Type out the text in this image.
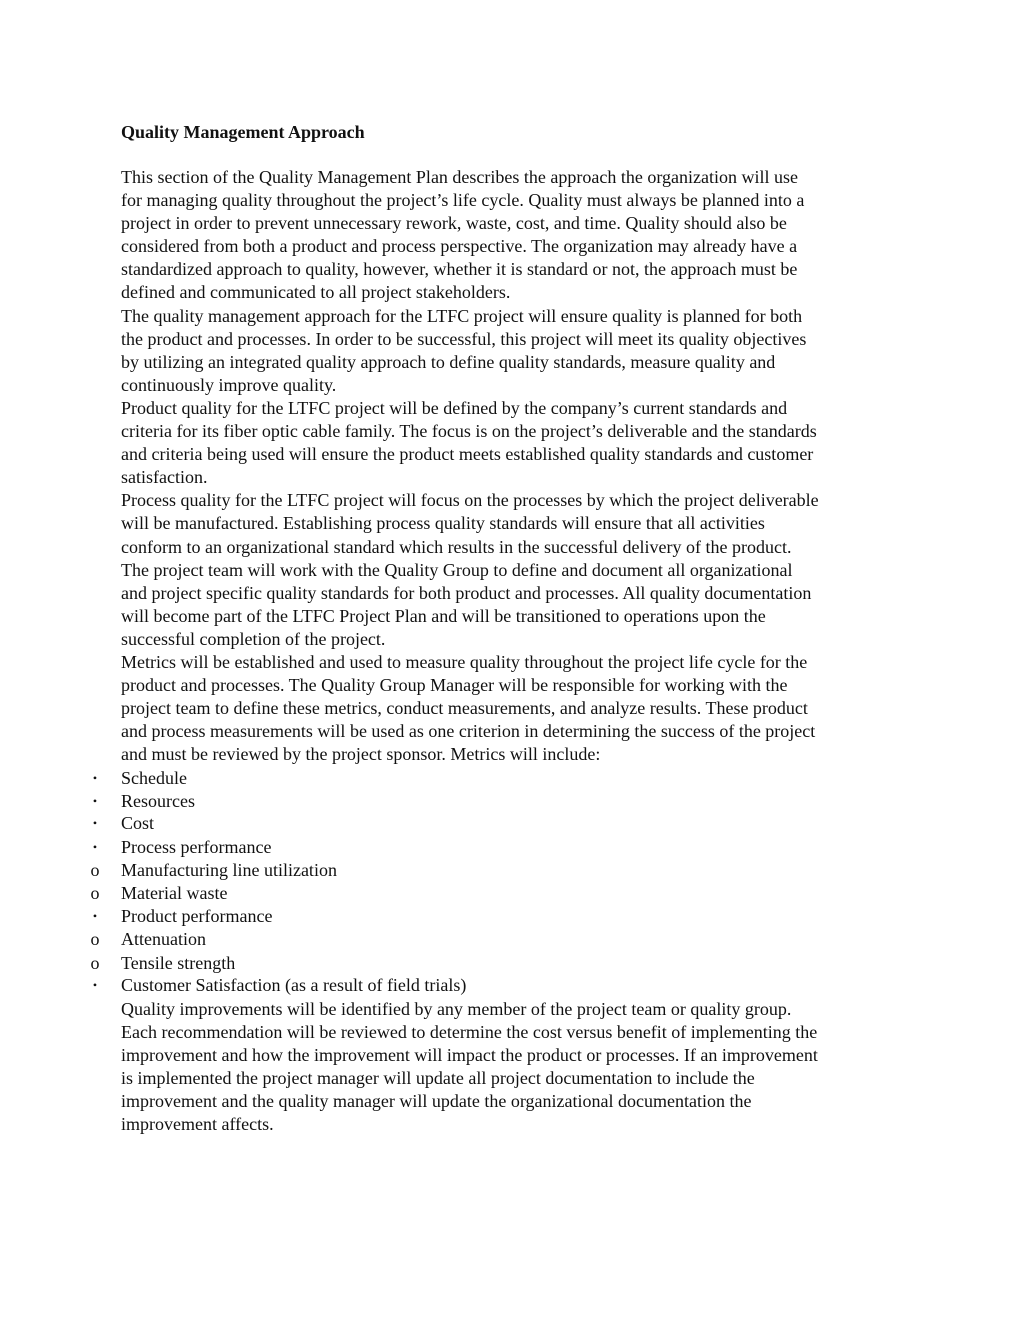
Quality Management Approach
This section of the Quality Management Plan describes the approach the organization will use
for managing quality throughout the project’s life cycle. Quality must always be planned into a
project in order to prevent unnecessary rework, waste, cost, and time. Quality should also be
considered from both a product and process perspective. The organization may already have a
standardized approach to quality, however, whether it is standard or not, the approach must be
defined and communicated to all project stakeholders.
The quality management approach for the LTFC project will ensure quality is planned for both
the product and processes. In order to be successful, this project will meet its quality objectives
by utilizing an integrated quality approach to define quality standards, measure quality and
continuously improve quality.
Product quality for the LTFC project will be defined by the company’s current standards and
criteria for its fiber optic cable family. The focus is on the project’s deliverable and the standards
and criteria being used will ensure the product meets established quality standards and customer
satisfaction.
Process quality for the LTFC project will focus on the processes by which the project deliverable
will be manufactured. Establishing process quality standards will ensure that all activities
conform to an organizational standard which results in the successful delivery of the product.
The project team will work with the Quality Group to define and document all organizational
and project specific quality standards for both product and processes. All quality documentation
will become part of the LTFC Project Plan and will be transitioned to operations upon the
successful completion of the project.
Metrics will be established and used to measure quality throughout the project life cycle for the
product and processes. The Quality Group Manager will be responsible for working with the
project team to define these metrics, conduct measurements, and analyze results. These product
and process measurements will be used as one criterion in determining the success of the project
and must be reviewed by the project sponsor. Metrics will include:
• Schedule
• Resources
• Cost
• Process performance
o Manufacturing line utilization
o Material waste
• Product performance
o Attenuation
o Tensile strength
• Customer Satisfaction (as a result of field trials)
Quality improvements will be identified by any member of the project team or quality group.
Each recommendation will be reviewed to determine the cost versus benefit of implementing the
improvement and how the improvement will impact the product or processes. If an improvement
is implemented the project manager will update all project documentation to include the
improvement and the quality manager will update the organizational documentation the
improvement affects.
